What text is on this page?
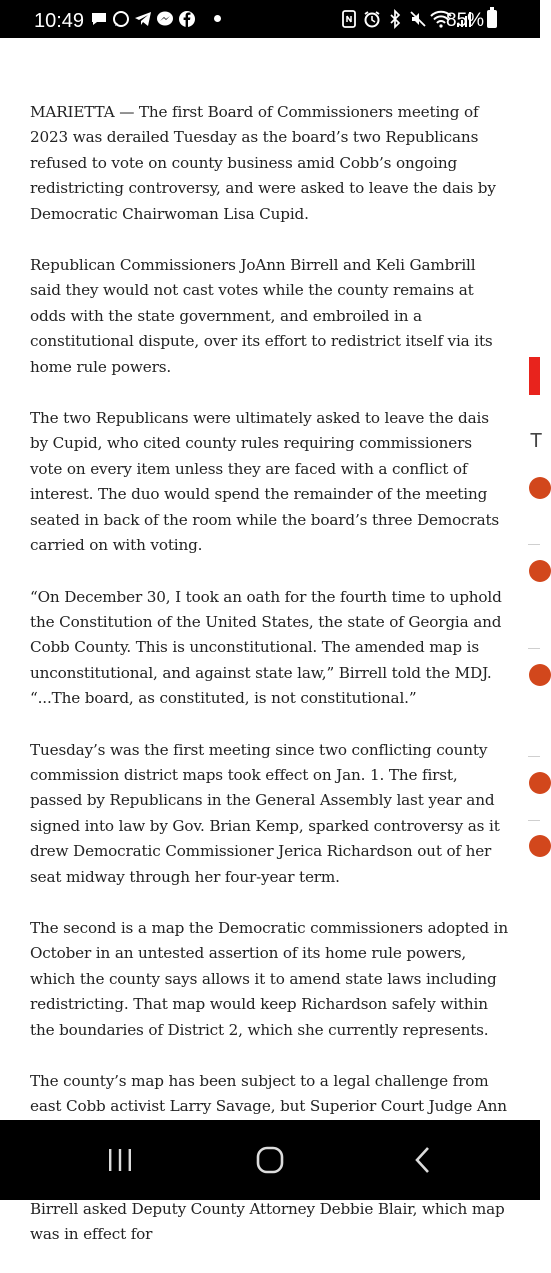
10:49	85%

MARIETTA — The first Board of Commissioners meeting of 2023 was derailed Tuesday as the board’s two Republicans refused to vote on county business amid Cobb’s ongoing redistricting controversy, and were asked to leave the dais by Democratic Chairwoman Lisa Cupid.

Republican Commissioners JoAnn Birrell and Keli Gambrill said they would not cast votes while the county remains at odds with the state government, and embroiled in a constitutional dispute, over its effort to redistrict itself via its home rule powers.

The two Republicans were ultimately asked to leave the dais by Cupid, who cited county rules requiring commissioners vote on every item unless they are faced with a conflict of interest. The duo would spend the remainder of the meeting seated in back of the room while the board’s three Democrats carried on with voting.

“On December 30, I took an oath for the fourth time to uphold the Constitution of the United States, the state of Georgia and Cobb County. This is unconstitutional. The amended map is unconstitutional, and against state law,” Birrell told the MDJ. “...The board, as constituted, is not constitutional.”

Tuesday’s was the first meeting since two conflicting county commission district maps took effect on Jan. 1. The first, passed by Republicans in the General Assembly last year and signed into law by Gov. Brian Kemp, sparked controversy as it drew Democratic Commissioner Jerica Richardson out of her seat midway through her four-year term.

The second is a map the Democratic commissioners adopted in October in an untested assertion of its home rule powers, which the county says allows it to amend state laws including redistricting. That map would keep Richardson safely within the boundaries of District 2, which she currently represents.

The county’s map has been subject to a legal challenge from east Cobb activist Larry Savage, but Superior Court Judge Ann

Birrell asked Deputy County Attorney Debbie Blair, which map was in effect for

T
